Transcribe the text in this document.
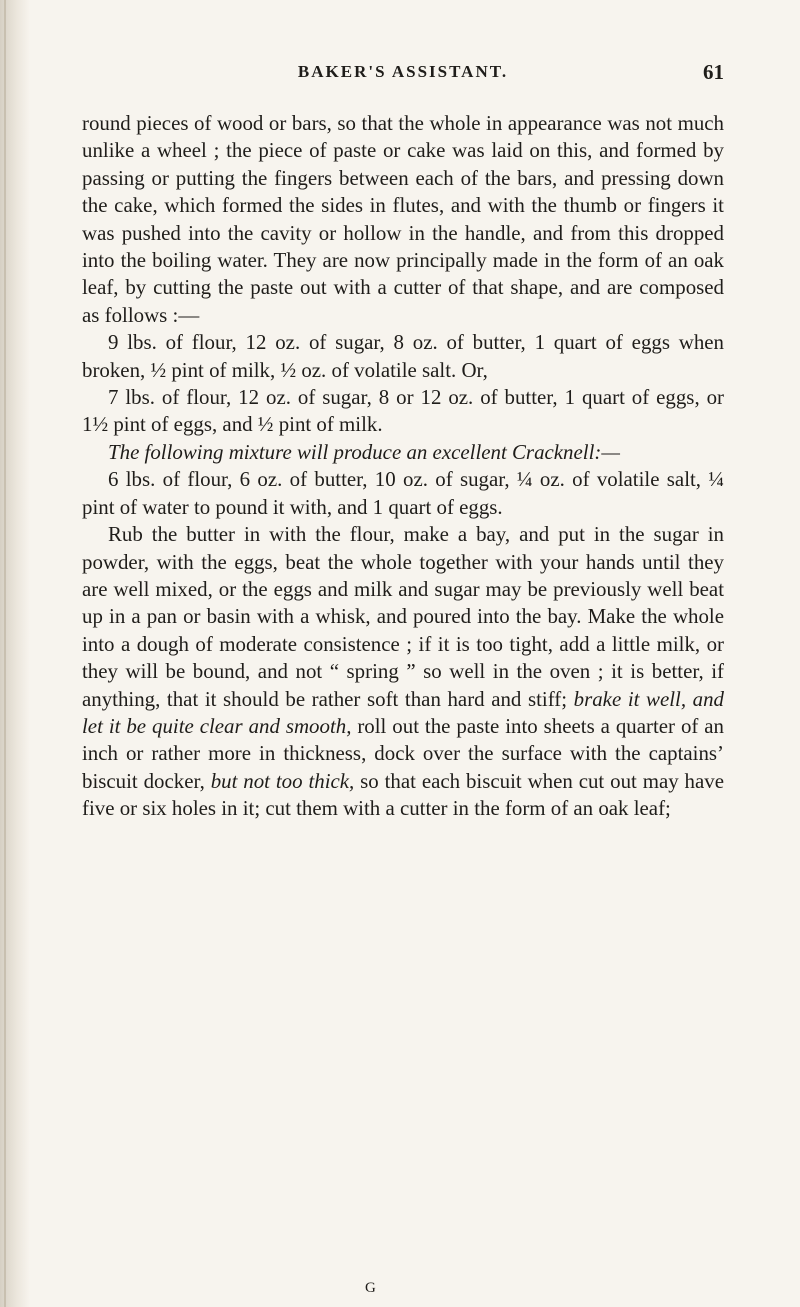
BAKER'S ASSISTANT.	61

round pieces of wood or bars, so that the whole in appearance was not much unlike a wheel ; the piece of paste or cake was laid on this, and formed by passing or putting the fingers between each of the bars, and pressing down the cake, which formed the sides in flutes, and with the thumb or fingers it was pushed into the cavity or hollow in the handle, and from this dropped into the boiling water. They are now principally made in the form of an oak leaf, by cutting the paste out with a cutter of that shape, and are composed as follows :—

9 lbs. of flour, 12 oz. of sugar, 8 oz. of butter, 1 quart of eggs when broken, ½ pint of milk, ½ oz. of volatile salt. Or,

7 lbs. of flour, 12 oz. of sugar, 8 or 12 oz. of butter, 1 quart of eggs, or 1½ pint of eggs, and ½ pint of milk.

The following mixture will produce an excellent Cracknell:—

6 lbs. of flour, 6 oz. of butter, 10 oz. of sugar, ¼ oz. of volatile salt, ¼ pint of water to pound it with, and 1 quart of eggs.

Rub the butter in with the flour, make a bay, and put in the sugar in powder, with the eggs, beat the whole together with your hands until they are well mixed, or the eggs and milk and sugar may be previously well beat up in a pan or basin with a whisk, and poured into the bay. Make the whole into a dough of moderate consistence ; if it is too tight, add a little milk, or they will be bound, and not “ spring ” so well in the oven ; it is better, if anything, that it should be rather soft than hard and stiff; brake it well, and let it be quite clear and smooth, roll out the paste into sheets a quarter of an inch or rather more in thickness, dock over the surface with the captains’ biscuit docker, but not too thick, so that each biscuit when cut out may have five or six holes in it; cut them with a cutter in the form of an oak leaf;

G
